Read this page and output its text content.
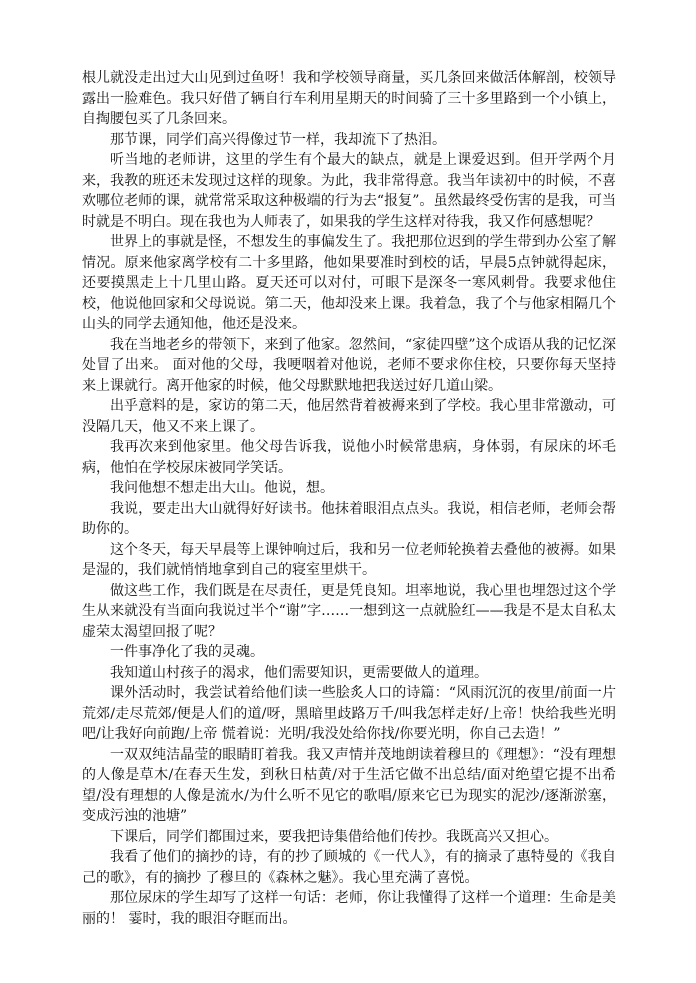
根儿就没走出过大山见到过鱼呀！我和学校领导商量，买几条回来做活体解剖，校领导露出一脸难色。我只好借了辆自行车利用星期天的时间骑了三十多里路到一个小镇上，自掏腰包买了几条回来。

那节课，同学们高兴得像过节一样，我却流下了热泪。

听当地的老师讲，这里的学生有个最大的缺点，就是上课爱迟到。但开学两个月来，我教的班还未发现过这样的现象。为此，我非常得意。我当年读初中的时候，不喜欢哪位老师的课，就常常采取这种极端的行为去“报复”。虽然最终受伤害的是我，可当时就是不明白。现在我也为人师表了，如果我的学生这样对待我，我又作何感想呢？

世界上的事就是怪，不想发生的事偏发生了。我把那位迟到的学生带到办公室了解情况。原来他家离学校有二十多里路，他如果要准时到校的话，早晨5点钟就得起床，还要摸黑走上十几里山路。夏天还可以对付，可眼下是深冬一寒风刺骨。我要求他住校，他说他回家和父母说说。第二天，他却没来上课。我着急，我了个与他家相隔几个山头的同学去通知他，他还是没来。

我在当地老乡的带领下，来到了他家。忽然间，“家徒四壁”这个成语从我的记忆深处冒了出来。 面对他的父母，我哽咽着对他说，老师不要求你住校，只要你每天坚持来上课就行。离开他家的时候，他父母默默地把我送过好几道山梁。

出乎意料的是，家访的第二天，他居然背着被褥来到了学校。我心里非常激动，可没隔几天，他又不来上课了。

我再次来到他家里。他父母告诉我，说他小时候常患病，身体弱，有尿床的坏毛病，他怕在学校尿床被同学笑话。

我问他想不想走出大山。他说，想。

我说，要走出大山就得好好读书。他抹着眼泪点点头。我说，相信老师，老师会帮助你的。

这个冬天，每天早晨等上课钟响过后，我和另一位老师轮换着去叠他的被褥。如果是湿的，我们就悄悄地拿到自己的寝室里烘干。

做这些工作，我们既是在尽责任，更是凭良知。坦率地说，我心里也埋怨过这个学生从来就没有当面向我说过半个“谢”字……一想到这一点就脸红——我是不是太自私太虚荣太渴望回报了呢？

一件事净化了我的灵魂。

我知道山村孩子的渴求，他们需要知识，更需要做人的道理。

课外活动时，我尝试着给他们读一些脍炙人口的诗篇：“风雨沉沉的夜里/前面一片荒郊/走尽荒郊/便是人们的道/呀，黑暗里歧路万千/叫我怎样走好/上帝！快给我些光明吧/让我好向前跑/上帝 慌着说：光明/我没处给你找/你要光明，你自己去造！”

一双双纯洁晶莹的眼睛盯着我。我又声情并茂地朗读着穆旦的《理想》：“没有理想的人像是草木/在春天生发，到秋日枯黄/对于生活它做不出总结/面对绝望它提不出希望/没有理想的人像是流水/为什么听不见它的歌唱/原来它已为现实的泥沙/逐渐淤塞，变成污浊的池塘”

下课后，同学们都围过来，要我把诗集借给他们传抄。我既高兴又担心。

我看了他们的摘抄的诗，有的抄了顾城的《一代人》，有的摘录了惠特曼的《我自己的歌》，有的摘抄 了穆旦的《森林之魅》。我心里充满了喜悦。

那位尿床的学生却写了这样一句话：老师，你让我懂得了这样一个道理：生命是美丽的！ 霎时，我的眼泪夺眶而出。
